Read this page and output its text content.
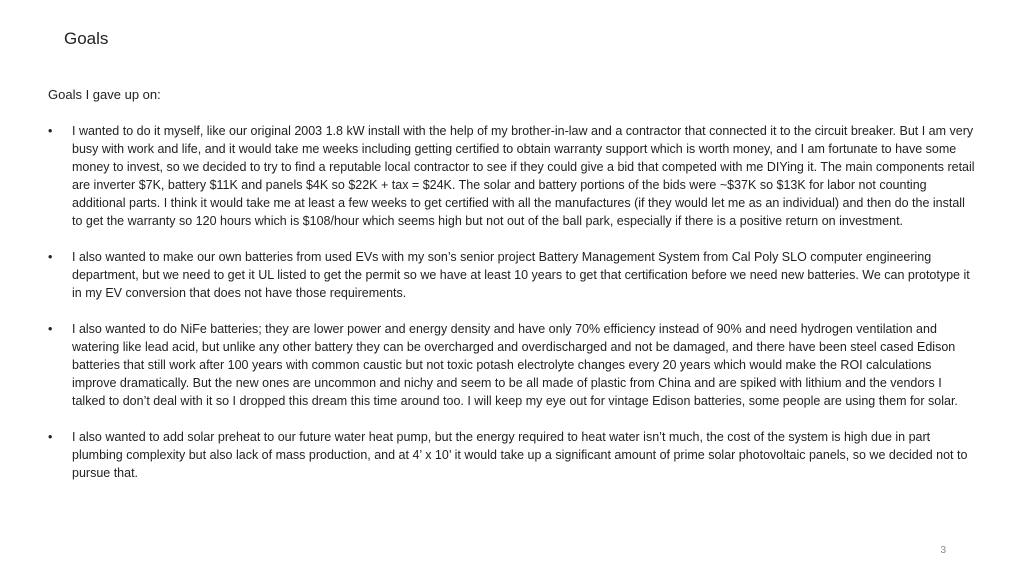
Goals
Goals I gave up on:
• I wanted to do it myself, like our original 2003 1.8 kW install with the help of my brother-in-law and a contractor that connected it to the circuit breaker. But I am very busy with work and life, and it would take me weeks including getting certified to obtain warranty support which is worth money, and I am fortunate to have some money to invest, so we decided to try to find a reputable local contractor to see if they could give a bid that competed with me DIYing it. The main components retail are inverter $7K, battery $11K and panels $4K so $22K + tax = $24K. The solar and battery portions of the bids were ~$37K so $13K for labor not counting additional parts. I think it would take me at least a few weeks to get certified with all the manufactures (if they would let me as an individual) and then do the install to get the warranty so 120 hours which is $108/hour which seems high but not out of the ball park, especially if there is a positive return on investment.
• I also wanted to make our own batteries from used EVs with my son’s senior project Battery Management System from Cal Poly SLO computer engineering department, but we need to get it UL listed to get the permit so we have at least 10 years to get that certification before we need new batteries. We can prototype it in my EV conversion that does not have those requirements.
• I also wanted to do NiFe batteries; they are lower power and energy density and have only 70% efficiency instead of 90% and need hydrogen ventilation and watering like lead acid, but unlike any other battery they can be overcharged and overdischarged and not be damaged, and there have been steel cased Edison batteries that still work after 100 years with common caustic but not toxic potash electrolyte changes every 20 years which would make the ROI calculations improve dramatically. But the new ones are uncommon and nichy and seem to be all made of plastic from China and are spiked with lithium and the vendors I talked to don’t deal with it so I dropped this dream this time around too. I will keep my eye out for vintage Edison batteries, some people are using them for solar.
• I also wanted to add solar preheat to our future water heat pump, but the energy required to heat water isn’t much, the cost of the system is high due in part plumbing complexity but also lack of mass production, and at 4’ x 10’ it would take up a significant amount of prime solar photovoltaic panels, so we decided not to pursue that.
3
